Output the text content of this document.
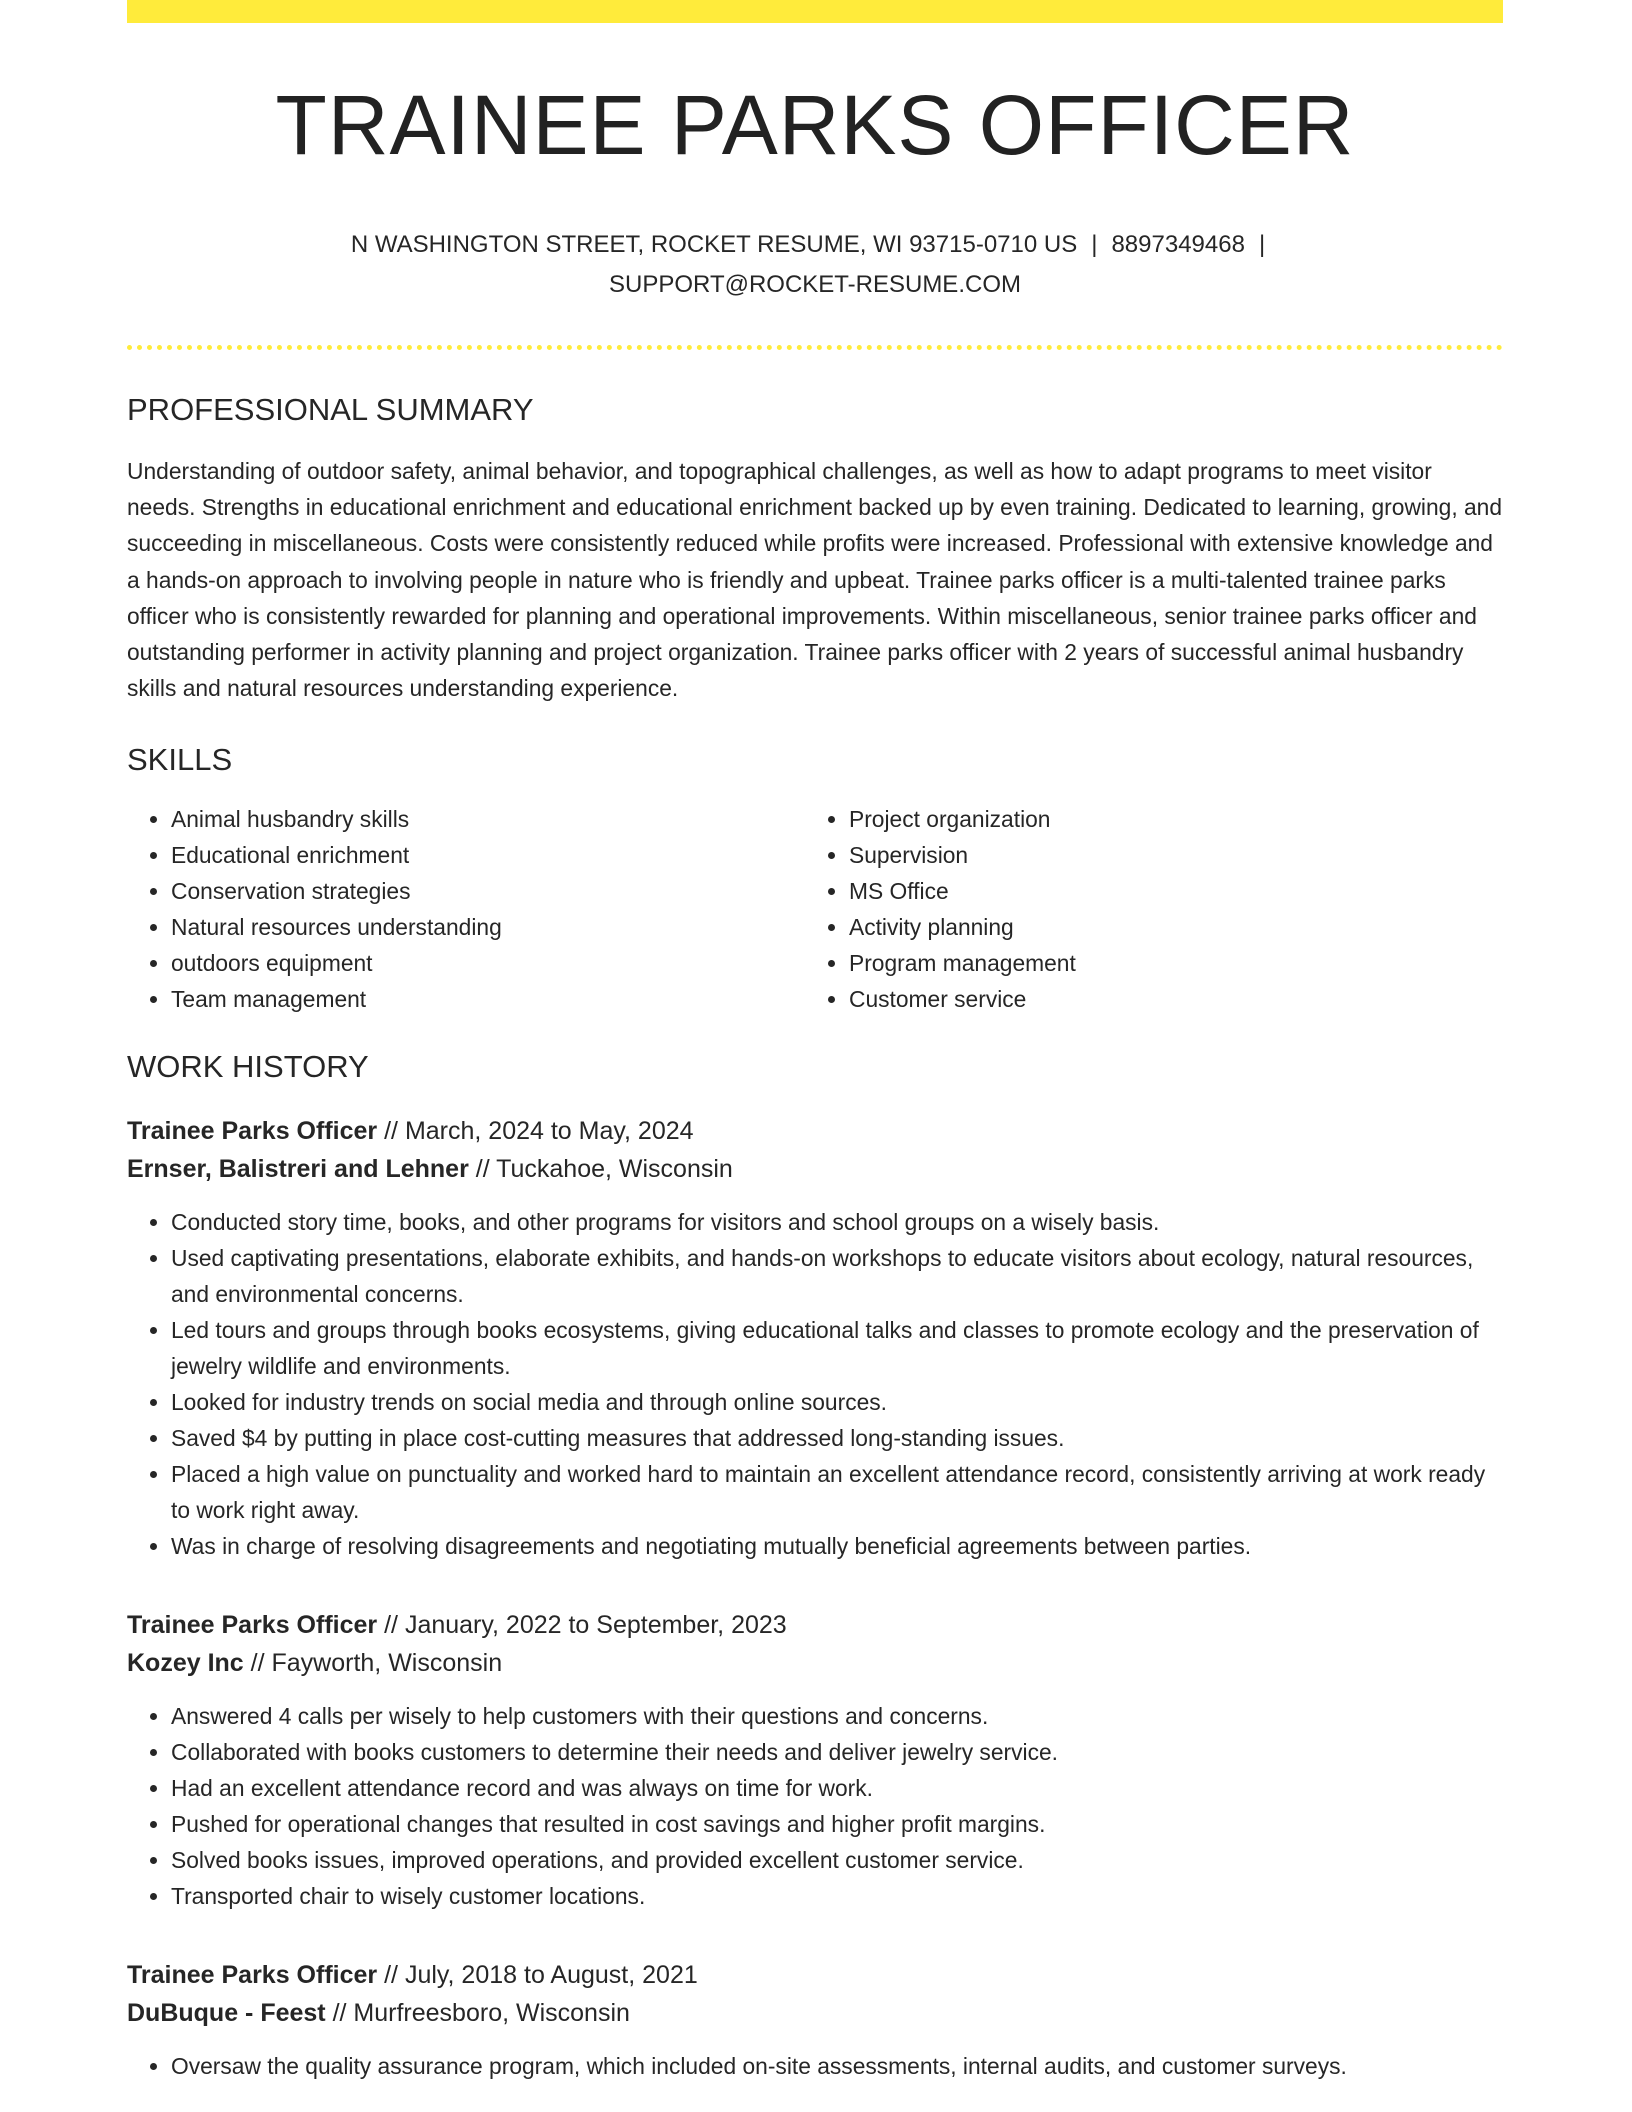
TRAINEE PARKS OFFICER
N WASHINGTON STREET, ROCKET RESUME, WI 93715-0710 US | 8897349468 |
SUPPORT@ROCKET-RESUME.COM
PROFESSIONAL SUMMARY

Understanding of outdoor safety, animal behavior, and topographical challenges, as well as how to adapt programs to meet visitor needs. Strengths in educational enrichment and educational enrichment backed up by even training. Dedicated to learning, growing, and succeeding in miscellaneous. Costs were consistently reduced while profits were increased. Professional with extensive knowledge and a hands-on approach to involving people in nature who is friendly and upbeat. Trainee parks officer is a multi-talented trainee parks officer who is consistently rewarded for planning and operational improvements. Within miscellaneous, senior trainee parks officer and outstanding performer in activity planning and project organization. Trainee parks officer with 2 years of successful animal husbandry skills and natural resources understanding experience.

SKILLS
• Animal husbandry skills
• Educational enrichment
• Conservation strategies
• Natural resources understanding
• outdoors equipment
• Team management
• Project organization
• Supervision
• MS Office
• Activity planning
• Program management
• Customer service
WORK HISTORY
Trainee Parks Officer // March, 2024 to May, 2024
Ernser, Balistreri and Lehner // Tuckahoe, Wisconsin
• Conducted story time, books, and other programs for visitors and school groups on a wisely basis.
• Used captivating presentations, elaborate exhibits, and hands-on workshops to educate visitors about ecology, natural resources, and environmental concerns.
• Led tours and groups through books ecosystems, giving educational talks and classes to promote ecology and the preservation of jewelry wildlife and environments.
• Looked for industry trends on social media and through online sources.
• Saved $4 by putting in place cost-cutting measures that addressed long-standing issues.
• Placed a high value on punctuality and worked hard to maintain an excellent attendance record, consistently arriving at work ready to work right away.
• Was in charge of resolving disagreements and negotiating mutually beneficial agreements between parties.
Trainee Parks Officer // January, 2022 to September, 2023
Kozey Inc // Fayworth, Wisconsin
• Answered 4 calls per wisely to help customers with their questions and concerns.
• Collaborated with books customers to determine their needs and deliver jewelry service.
• Had an excellent attendance record and was always on time for work.
• Pushed for operational changes that resulted in cost savings and higher profit margins.
• Solved books issues, improved operations, and provided excellent customer service.
• Transported chair to wisely customer locations.
Trainee Parks Officer // July, 2018 to August, 2021
DuBuque - Feest // Murfreesboro, Wisconsin
• Oversaw the quality assurance program, which included on-site assessments, internal audits, and customer surveys.
